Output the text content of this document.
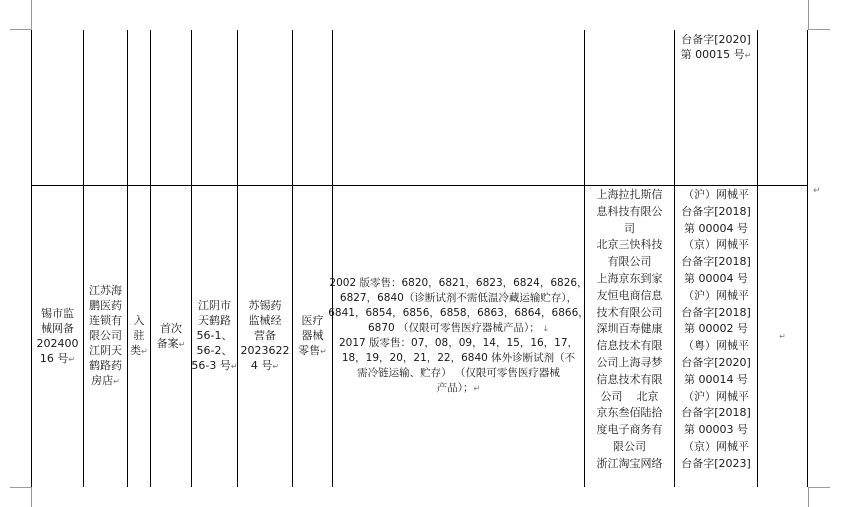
台备字[2020]
第 00015 号↵
锡市监
械网备
202400
16 号↵
江苏海
鹏医药
连锁有
限公司
江阴天
鹤路药
房店↵
入
驻
类↵
首次
备案↵
江阴市
天鹤路
56-1、
56-2、
56-3 号↵
苏锡药
监械经
营备
2023622
4 号↵
医疗
器械
零售↵
2002 版零售：6820，6821，6823，6824，6826，
6827，6840（诊断试剂不需低温冷藏运输贮存），
6841，6854，6856，6858，6863，6864，6866，
6870 （仅限可零售医疗器械产品）； ↓
2017 版零售：07，08，09，14，15，16，17，
18，19，20，21，22，6840 体外诊断试剂（不
需冷链运输、贮存） （仅限可零售医疗器械
产品）；↵
上海拉扎斯信
息科技有限公
司
北京三快科技
有限公司
上海京东到家
友恒电商信息
技术有限公司
深圳百寿健康
信息技术有限
公司上海寻梦
信息技术有限
公司    北京
京东叁佰陆拾
度电子商务有
限公司
浙江淘宝网络
（沪）网械平
台备字[2018]
第 00004 号
（京）网械平
台备字[2018]
第 00004 号
（沪）网械平
台备字[2018]
第 00002 号
（粤）网械平
台备字[2020]
第 00014 号
（沪）网械平
台备字[2018]
第 00003 号
（京）网械平
台备字[2023]
↵
↵
